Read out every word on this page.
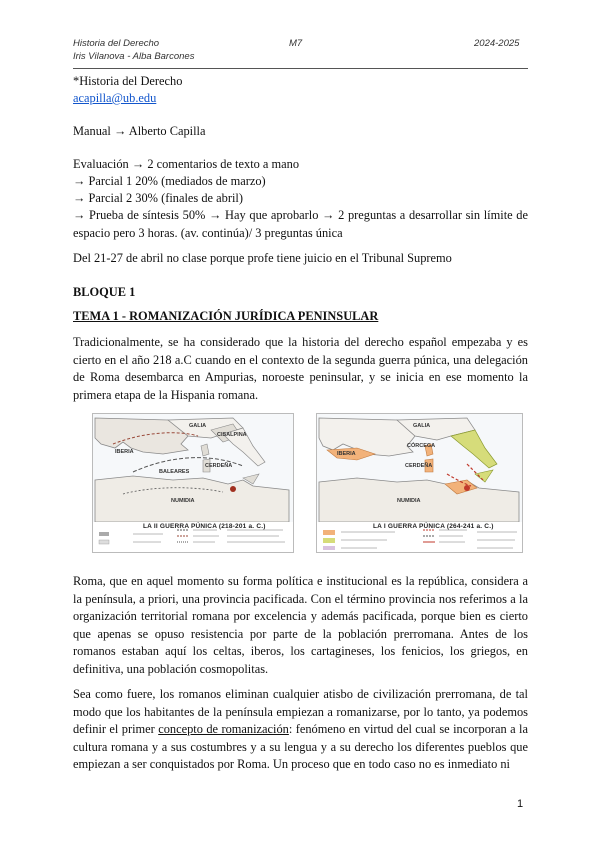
Historia del Derecho
Iris Vilanova - Alba Barcones
M7	2024-2025
*Historia del Derecho
acapilla@ub.edu
Manual → Alberto Capilla
Evaluación → 2 comentarios de texto a mano
→ Parcial 1 20% (mediados de marzo)
→ Parcial 2 30% (finales de abril)
→ Prueba de síntesis 50% → Hay que aprobarlo → 2 preguntas a desarrollar sin límite de espacio pero 3 horas. (av. continúa)/ 3 preguntas única
Del 21-27 de abril no clase porque profe tiene juicio en el Tribunal Supremo
BLOQUE 1
TEMA 1 - ROMANIZACIÓN JURÍDICA PENINSULAR
Tradicionalmente, se ha considerado que la historia del derecho español empezaba y es cierto en el año 218 a.C cuando en el contexto de la segunda guerra púnica, una delegación de Roma desembarca en Ampurias, noroeste peninsular, y se inicia en ese momento la primera etapa de la Hispania romana.
GALIA
CISALPINA
IBERIA
BALEARES
CERDEÑA
NUMIDIA
LA II GUERRA PÚNICA (218-201 a. C.)
GALIA
IBERIA
CÓRCEGA
CERDEÑA
NUMIDIA
LA I GUERRA PÚNICA (264-241 a. C.)
Roma, que en aquel momento su forma política e institucional es la república, considera a la península, a priori, una provincia pacificada. Con el término provincia nos referimos a la organización territorial romana por excelencia y además pacificada, porque bien es cierto que apenas se opuso resistencia por parte de la población prerromana. Antes de los romanos estaban aquí los celtas, iberos, los cartagineses, los fenicios, los griegos, en definitiva, una población cosmopolitas.
Sea como fuere, los romanos eliminan cualquier atisbo de civilización prerromana, de tal modo que los habitantes de la península empiezan a romanizarse, por lo tanto, ya podemos definir el primer concepto de romanización: fenómeno en virtud del cual se incorporan a la cultura romana y a sus costumbres y a su lengua y a su derecho los diferentes pueblos que empiezan a ser conquistados por Roma. Un proceso que en todo caso no es inmediato ni
1
